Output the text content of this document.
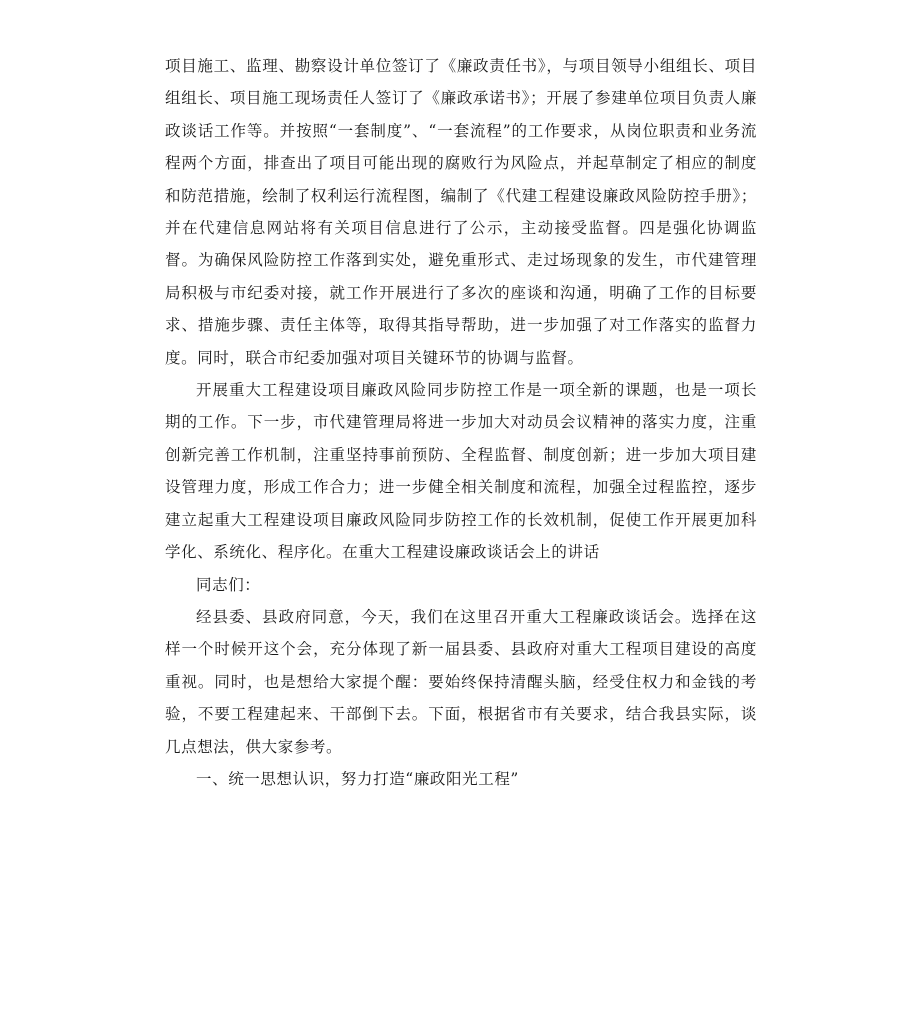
项目施工、监理、勘察设计单位签订了《廉政责任书》，与项目领导小组组长、项目组组长、项目施工现场责任人签订了《廉政承诺书》；开展了参建单位项目负责人廉政谈话工作等。并按照“一套制度”、“一套流程”的工作要求，从岗位职责和业务流程两个方面，排查出了项目可能出现的腐败行为风险点，并起草制定了相应的制度和防范措施，绘制了权利运行流程图，编制了《代建工程建设廉政风险防控手册》；并在代建信息网站将有关项目信息进行了公示，主动接受监督。四是强化协调监督。为确保风险防控工作落到实处，避免重形式、走过场现象的发生，市代建管理局积极与市纪委对接，就工作开展进行了多次的座谈和沟通，明确了工作的目标要求、措施步骤、责任主体等，取得其指导帮助，进一步加强了对工作落实的监督力度。同时，联合市纪委加强对项目关键环节的协调与监督。

开展重大工程建设项目廉政风险同步防控工作是一项全新的课题，也是一项长期的工作。下一步，市代建管理局将进一步加大对动员会议精神的落实力度，注重创新完善工作机制，注重坚持事前预防、全程监督、制度创新；进一步加大项目建设管理力度，形成工作合力；进一步健全相关制度和流程，加强全过程监控，逐步建立起重大工程建设项目廉政风险同步防控工作的长效机制，促使工作开展更加科学化、系统化、程序化。在重大工程建设廉政谈话会上的讲话

同志们：

经县委、县政府同意，今天，我们在这里召开重大工程廉政谈话会。选择在这样一个时候开这个会，充分体现了新一届县委、县政府对重大工程项目建设的高度重视。同时，也是想给大家提个醒：要始终保持清醒头脑，经受住权力和金钱的考验，不要工程建起来、干部倒下去。下面，根据省市有关要求，结合我县实际，谈几点想法，供大家参考。

一、统一思想认识，努力打造“廉政阳光工程”
